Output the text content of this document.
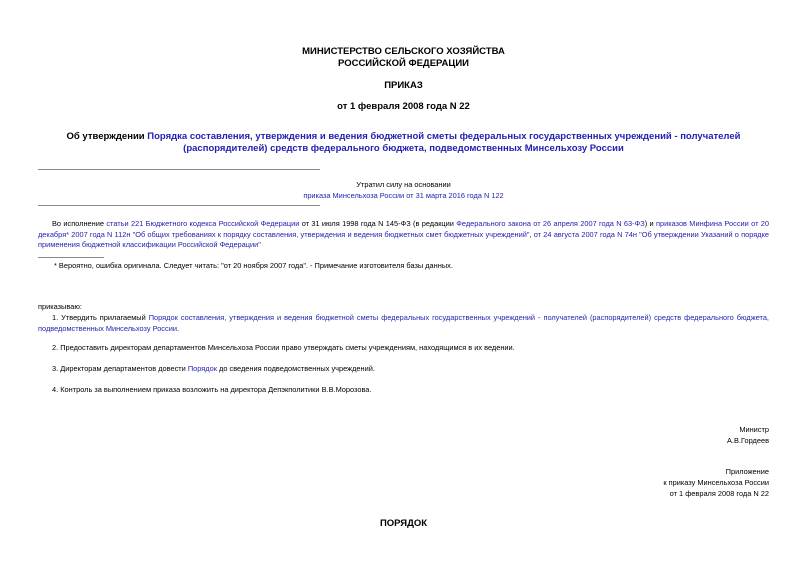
МИНИСТЕРСТВО СЕЛЬСКОГО ХОЗЯЙСТВА
РОССИЙСКОЙ ФЕДЕРАЦИИ
ПРИКАЗ
от 1 февраля 2008 года N 22
Об утверждении Порядка составления, утверждения и ведения бюджетной сметы федеральных государственных учреждений - получателей (распорядителей) средств федерального бюджета, подведомственных Минсельхозу России
Утратил силу на основании
приказа Минсельхоза России от 31 марта 2016 года N 122
Во исполнение статьи 221 Бюджетного кодекса Российской Федерации от 31 июля 1998 года N 145-ФЗ (в редакции Федерального закона от 26 апреля 2007 года N 63-ФЗ) и приказов Минфина России от 20 декабря* 2007 года N 112н "Об общих требованиях к порядку составления, утверждения и ведения бюджетных смет бюджетных учреждений", от 24 августа 2007 года N 74н "Об утверждении Указаний о порядке применения бюджетной классификации Российской Федерации"
* Вероятно, ошибка оригинала. Следует читать: "от 20 ноября 2007 года". - Примечание изготовителя базы данных.
приказываю:
1. Утвердить прилагаемый Порядок составления, утверждения и ведения бюджетной сметы федеральных государственных учреждений - получателей (распорядителей) средств федерального бюджета, подведомственных Минсельхозу России.
2. Предоставить директорам департаментов Минсельхоза России право утверждать сметы учреждениям, находящимся в их ведении.
3. Директорам департаментов довести Порядок до сведения подведомственных учреждений.
4. Контроль за выполнением приказа возложить на директора Депэкполитики В.В.Морозова.
Министр
А.В.Гордеев
Приложение
к приказу Минсельхоза России
от 1 февраля 2008 года N 22
ПОРЯДОК
